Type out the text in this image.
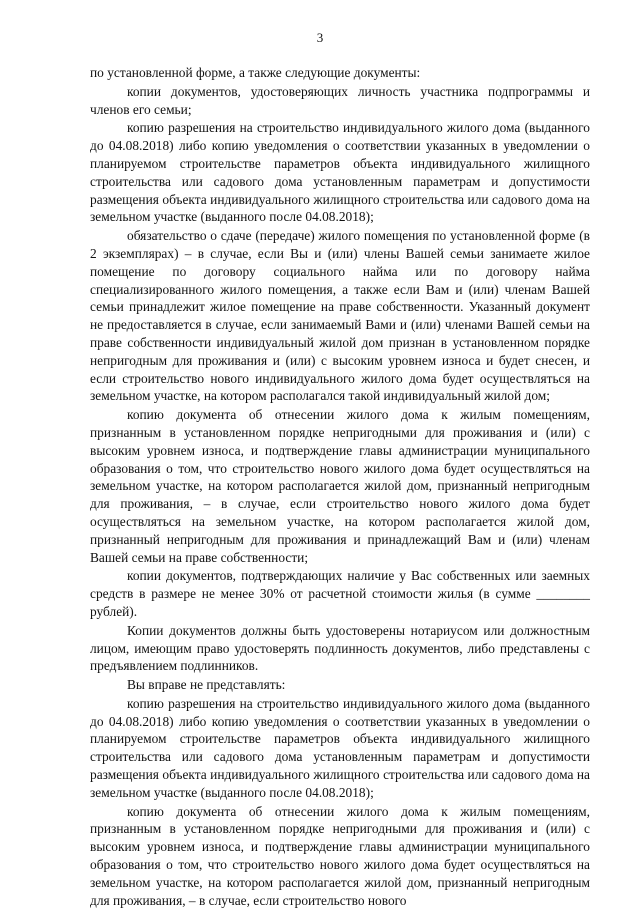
3

по установленной форме, а также следующие документы:

копии документов, удостоверяющих личность участника подпрограммы и членов его семьи;

копию разрешения на строительство индивидуального жилого дома (выданного до 04.08.2018) либо копию уведомления о соответствии указанных в уведомлении о планируемом строительстве параметров объекта индивидуального жилищного строительства или садового дома установленным параметрам и допустимости размещения объекта индивидуального жилищного строительства или садового дома на земельном участке (выданного после 04.08.2018);

обязательство о сдаче (передаче) жилого помещения по установленной форме (в 2 экземплярах) – в случае, если Вы и (или) члены Вашей семьи занимаете жилое помещение по договору социального найма или по договору найма специализированного жилого помещения, а также если Вам и (или) членам Вашей семьи принадлежит жилое помещение на праве собственности. Указанный документ не предоставляется в случае, если занимаемый Вами и (или) членами Вашей семьи на праве собственности индивидуальный жилой дом признан в установленном порядке непригодным для проживания и (или) с высоким уровнем износа и будет снесен, и если строительство нового индивидуального жилого дома будет осуществляться на земельном участке, на котором располагался такой индивидуальный жилой дом;

копию документа об отнесении жилого дома к жилым помещениям, признанным в установленном порядке непригодными для проживания и (или) с высоким уровнем износа, и подтверждение главы администрации муниципального образования о том, что строительство нового жилого дома будет осуществляться на земельном участке, на котором располагается жилой дом, признанный непригодным для проживания, – в случае, если строительство нового жилого дома будет осуществляться на земельном участке, на котором располагается жилой дом, признанный непригодным для проживания и принадлежащий Вам и (или) членам Вашей семьи на праве собственности;

копии документов, подтверждающих наличие у Вас собственных или заемных средств в размере не менее 30% от расчетной стоимости жилья (в сумме ________ рублей).

Копии документов должны быть удостоверены нотариусом или должностным лицом, имеющим право удостоверять подлинность документов, либо представлены с предъявлением подлинников.

Вы вправе не представлять:

копию разрешения на строительство индивидуального жилого дома (выданного до 04.08.2018) либо копию уведомления о соответствии указанных в уведомлении о планируемом строительстве параметров объекта индивидуального жилищного строительства или садового дома установленным параметрам и допустимости размещения объекта индивидуального жилищного строительства или садового дома на земельном участке (выданного после 04.08.2018);

копию документа об отнесении жилого дома к жилым помещениям, признанным в установленном порядке непригодными для проживания и (или) с высоким уровнем износа, и подтверждение главы администрации муниципального образования о том, что строительство нового жилого дома будет осуществляться на земельном участке, на котором располагается жилой дом, признанный непригодным для проживания, – в случае, если строительство нового
